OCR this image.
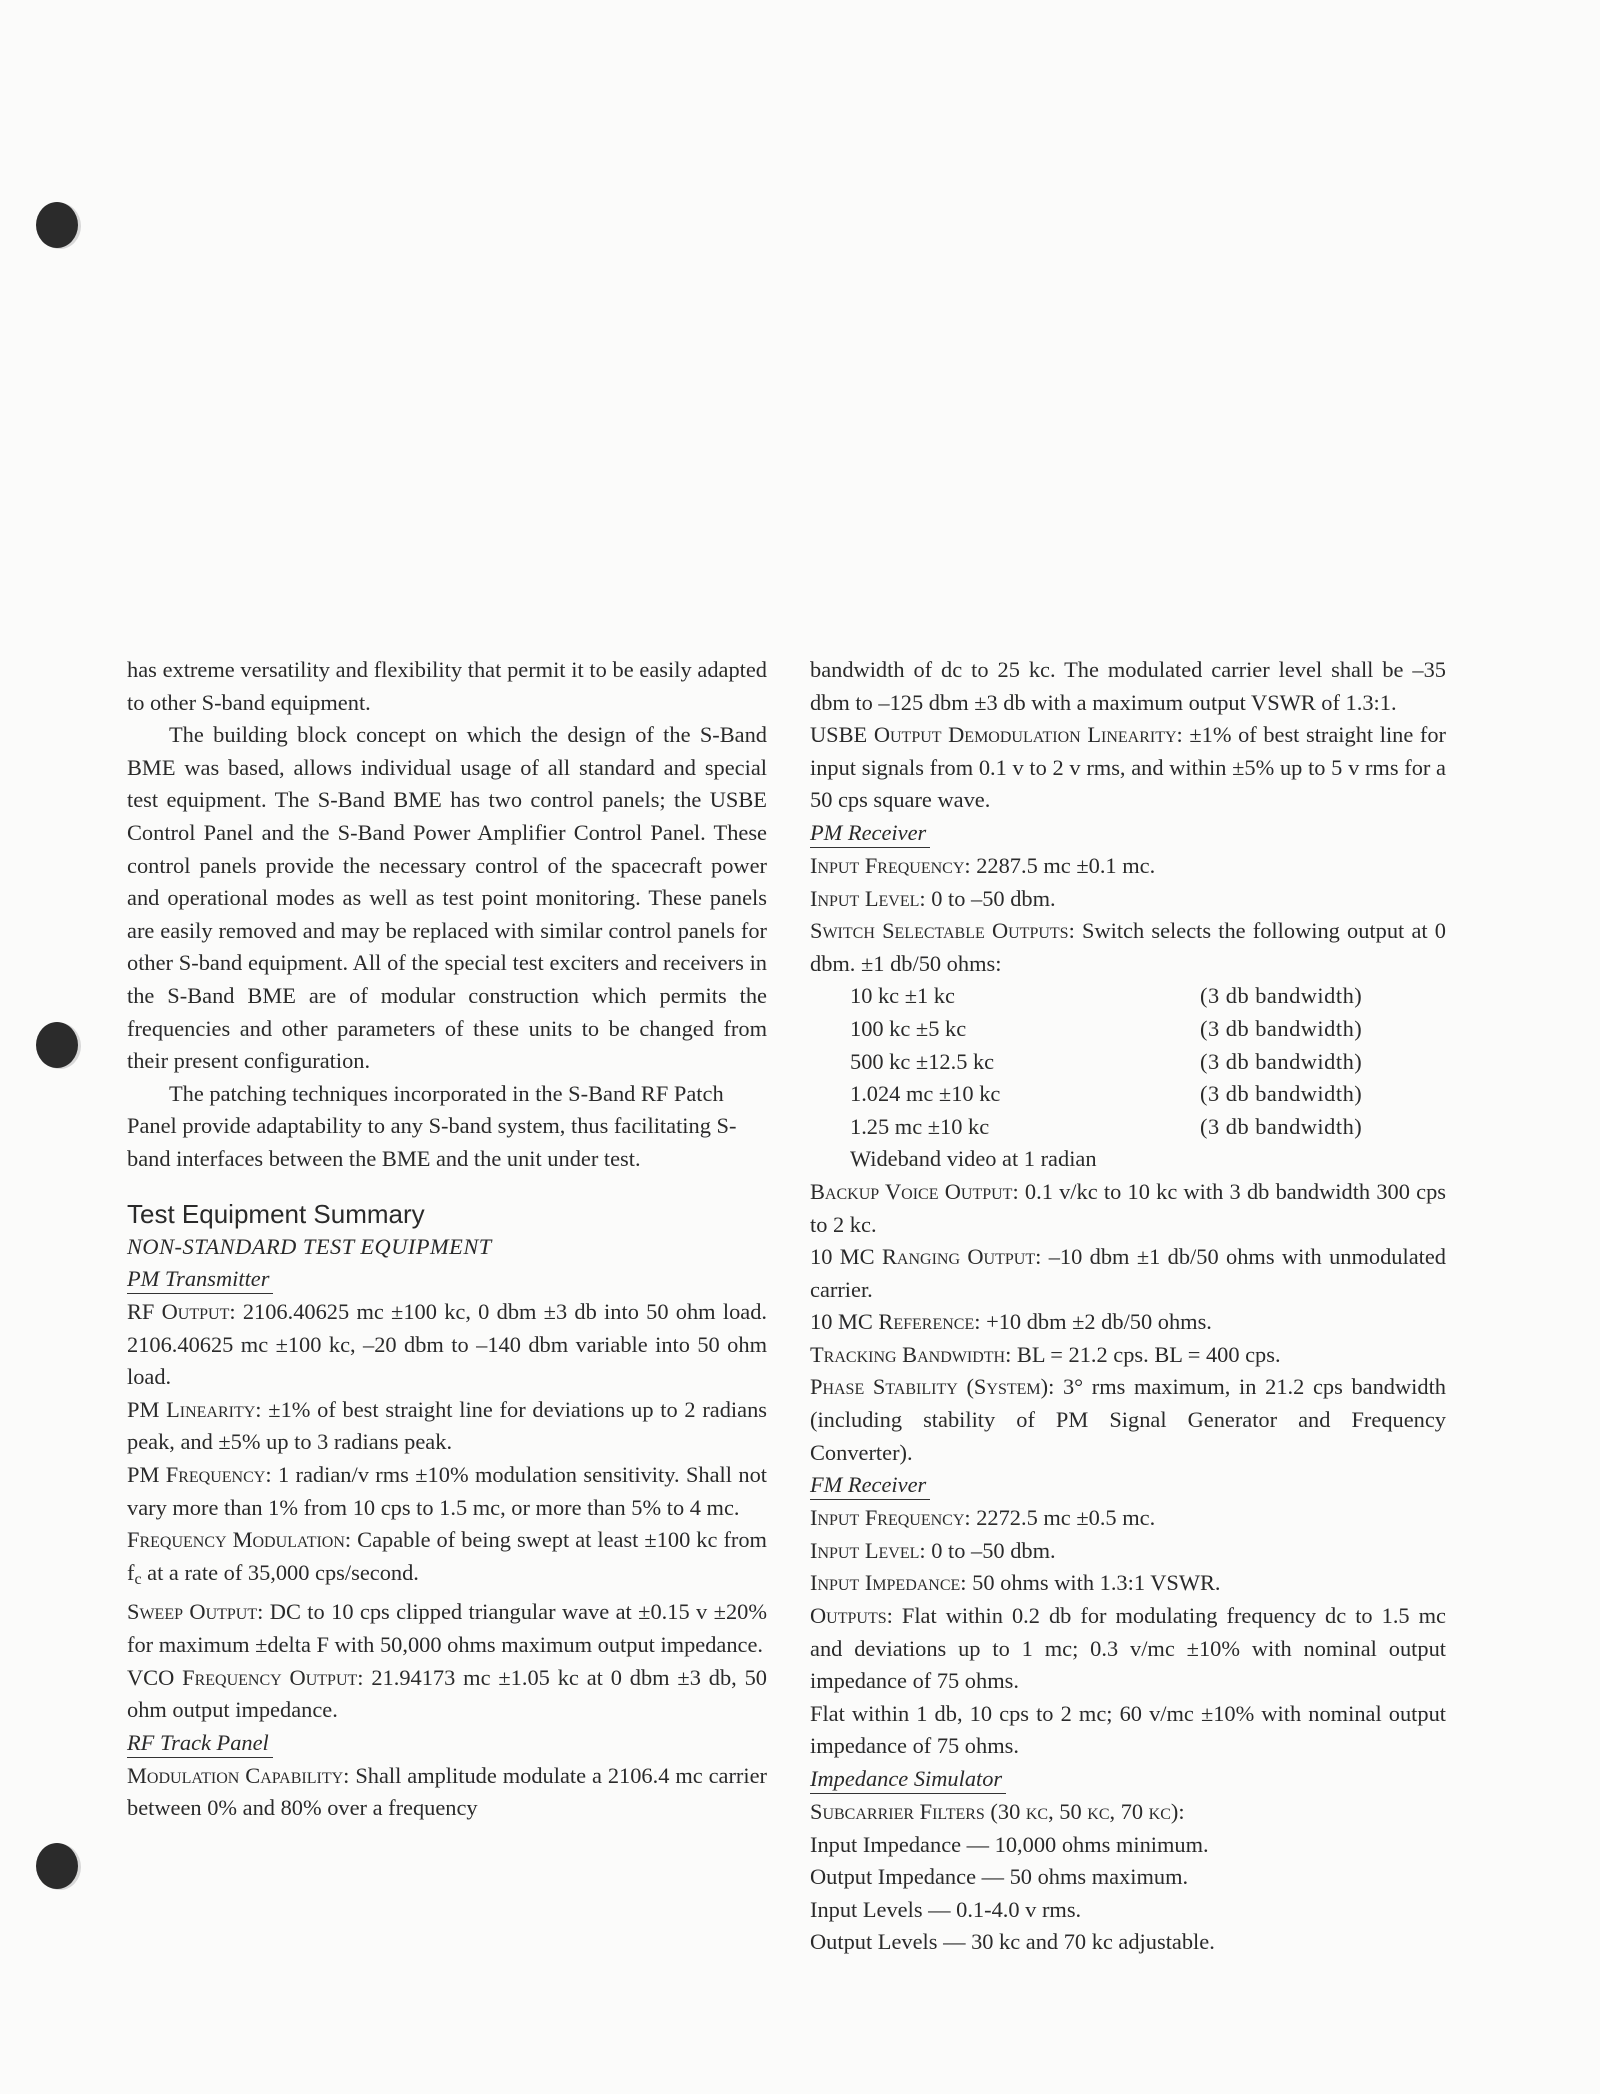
has extreme versatility and flexibility that permit it to be easily adapted to other S-band equipment.

The building block concept on which the design of the S-Band BME was based, allows individual usage of all standard and special test equipment. The S-Band BME has two control panels; the USBE Control Panel and the S-Band Power Amplifier Control Panel. These control panels provide the necessary control of the spacecraft power and operational modes as well as test point monitoring. These panels are easily removed and may be replaced with similar control panels for other S-band equipment. All of the special test exciters and receivers in the S-Band BME are of modular construction which permits the frequencies and other parameters of these units to be changed from their present configuration.

The patching techniques incorporated in the S-Band RF Patch Panel provide adaptability to any S-band system, thus facilitating S-band interfaces between the BME and the unit under test.

Test Equipment Summary

NON-STANDARD TEST EQUIPMENT

PM Transmitter

RF Output: 2106.40625 mc ±100 kc, 0 dbm ±3 db into 50 ohm load. 2106.40625 mc ±100 kc, –20 dbm to –140 dbm variable into 50 ohm load.

PM Linearity: ±1% of best straight line for deviations up to 2 radians peak, and ±5% up to 3 radians peak.

PM Frequency: 1 radian/v rms ±10% modulation sensitivity. Shall not vary more than 1% from 10 cps to 1.5 mc, or more than 5% to 4 mc.

Frequency Modulation: Capable of being swept at least ±100 kc from $f_c$ at a rate of 35,000 cps/second.

Sweep Output: DC to 10 cps clipped triangular wave at ±0.15 v ±20% for maximum ±delta F with 50,000 ohms maximum output impedance.

VCO Frequency Output: 21.94173 mc ±1.05 kc at 0 dbm ±3 db, 50 ohm output impedance.

RF Track Panel

Modulation Capability: Shall amplitude modulate a 2106.4 mc carrier between 0% and 80% over a frequency

bandwidth of dc to 25 kc. The modulated carrier level shall be –35 dbm to –125 dbm ±3 db with a maximum output VSWR of 1.3:1.

USBE Output Demodulation Linearity: ±1% of best straight line for input signals from 0.1 v to 2 v rms, and within ±5% up to 5 v rms for a 50 cps square wave.

PM Receiver

Input Frequency: 2287.5 mc ±0.1 mc.

Input Level: 0 to –50 dbm.

Switch Selectable Outputs: Switch selects the following output at 0 dbm. ±1 db/50 ohms:

10 kc ±1 kc	(3 db bandwidth)
100 kc ±5 kc	(3 db bandwidth)
500 kc ±12.5 kc	(3 db bandwidth)
1.024 mc ±10 kc	(3 db bandwidth)
1.25 mc ±10 kc	(3 db bandwidth)
Wideband video at 1 radian

Backup Voice Output: 0.1 v/kc to 10 kc with 3 db bandwidth 300 cps to 2 kc.

10 MC Ranging Output: –10 dbm ±1 db/50 ohms with unmodulated carrier.

10 MC Reference: +10 dbm ±2 db/50 ohms.

Tracking Bandwidth: BL = 21.2 cps. BL = 400 cps.

Phase Stability (System): 3° rms maximum, in 21.2 cps bandwidth (including stability of PM Signal Generator and Frequency Converter).

FM Receiver

Input Frequency: 2272.5 mc ±0.5 mc.

Input Level: 0 to –50 dbm.

Input Impedance: 50 ohms with 1.3:1 VSWR.

Outputs: Flat within 0.2 db for modulating frequency dc to 1.5 mc and deviations up to 1 mc; 0.3 v/mc ±10% with nominal output impedance of 75 ohms.

Flat within 1 db, 10 cps to 2 mc; 60 v/mc ±10% with nominal output impedance of 75 ohms.

Impedance Simulator

Subcarrier Filters (30 kc, 50 kc, 70 kc):

Input Impedance — 10,000 ohms minimum.

Output Impedance — 50 ohms maximum.

Input Levels — 0.1-4.0 v rms.

Output Levels — 30 kc and 70 kc adjustable.
